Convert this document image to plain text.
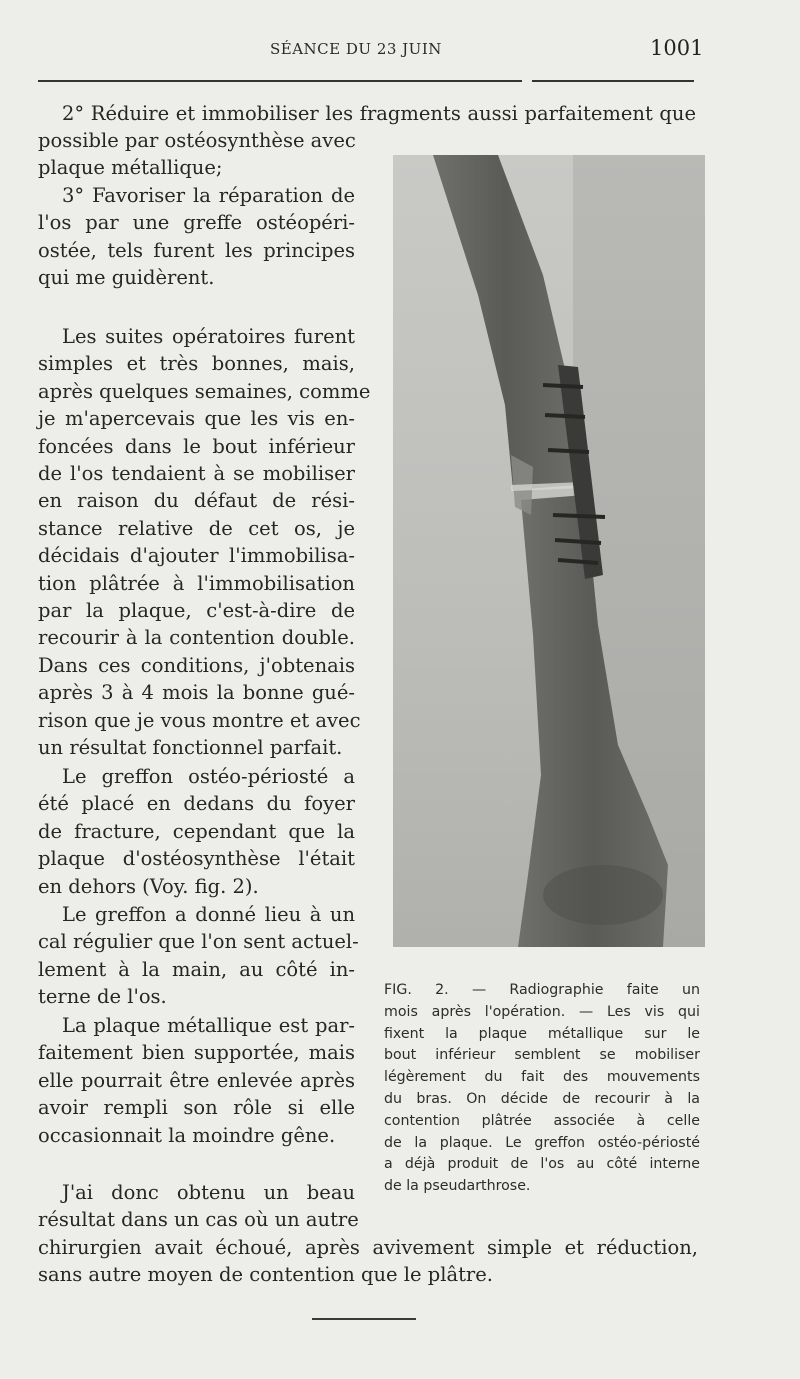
SÉANCE DU 23 JUIN	1001
2° Réduire et immobiliser les fragments aussi parfaitement que
possible par ostéosynthèse avec
plaque métallique;
3° Favoriser la réparation de
l'os par une greffe ostéopéri-
ostée, tels furent les principes
qui me guidèrent.
Les suites opératoires furent
simples et très bonnes, mais,
après quelques semaines, comme
je m'apercevais que les vis en-
foncées dans le bout inférieur
de l'os tendaient à se mobiliser
en raison du défaut de rési-
stance relative de cet os, je
décidais d'ajouter l'immobilisa-
tion plâtrée à l'immobilisation
par la plaque, c'est-à-dire de
recourir à la contention double.
Dans ces conditions, j'obtenais
après 3 à 4 mois la bonne gué-
rison que je vous montre et avec
un résultat fonctionnel parfait.
Le greffon ostéo-périosté a
été placé en dedans du foyer
de fracture, cependant que la
plaque d'ostéosynthèse l'était
en dehors (Voy. fig. 2).
Le greffon a donné lieu à un
cal régulier que l'on sent actuel-
lement à la main, au côté in-
terne de l'os.
La plaque métallique est par-
faitement bien supportée, mais
elle pourrait être enlevée après
avoir rempli son rôle si elle
occasionnait la moindre gêne.
J'ai donc obtenu un beau
résultat dans un cas où un autre
chirurgien avait échoué, après avivement simple et réduction,
sans autre moyen de contention que le plâtre.
FIG. 2. — Radiographie faite un
mois après l'opération. — Les vis qui
fixent la plaque métallique sur le
bout inférieur semblent se mobiliser
légèrement du fait des mouvements
du bras. On décide de recourir à la
contention plâtrée associée à celle
de la plaque. Le greffon ostéo-périosté
a déjà produit de l'os au côté interne
de la pseudarthrose.
